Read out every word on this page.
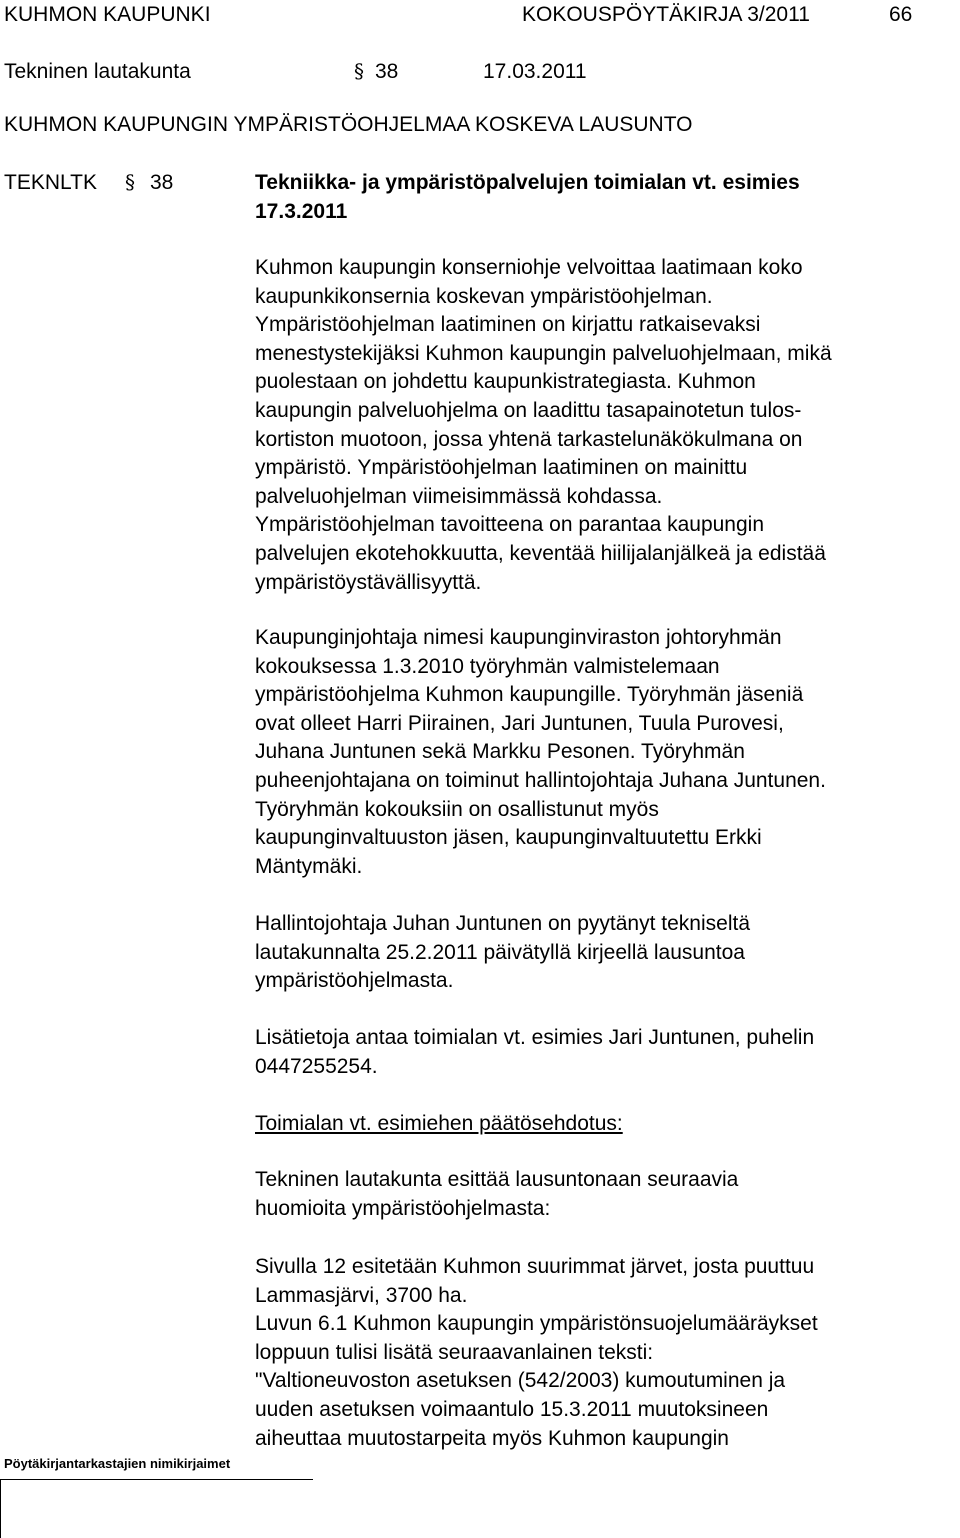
KUHMON KAUPUNKI	KOKOUSPÖYTÄKIRJA 3/2011	66
Tekninen lautakunta	§ 38	17.03.2011
KUHMON KAUPUNGIN YMPÄRISTÖOHJELMAA KOSKEVA LAUSUNTO
TEKNLTK § 38	Tekniikka- ja ympäristöpalvelujen toimialan vt. esimies
17.3.2011
Kuhmon kaupungin konserniohje velvoittaa laatimaan koko
kaupunkikonsernia koskevan ympäristöohjelman.
Ympäristöohjelman laatiminen on kirjattu ratkaisevaksi
menestystekijäksi Kuhmon kaupungin palveluohjelmaan, mikä
puolestaan on johdettu kaupunkistrategiasta. Kuhmon
kaupungin palveluohjelma on laadittu tasapainotetun tulos-
kortiston muotoon, jossa yhtenä tarkastelunäkökulmana on
ympäristö. Ympäristöohjelman laatiminen on mainittu
palveluohjelman viimeisimmässä kohdassa.
Ympäristöohjelman tavoitteena on parantaa kaupungin
palvelujen ekotehokkuutta, keventää hiilijalanjälkeä ja edistää
ympäristöystävällisyyttä.
Kaupunginjohtaja nimesi kaupunginviraston johtoryhmän
kokouksessa 1.3.2010 työryhmän valmistelemaan
ympäristöohjelma Kuhmon kaupungille. Työryhmän jäseniä
ovat olleet Harri Piirainen, Jari Juntunen, Tuula Purovesi,
Juhana Juntunen sekä Markku Pesonen. Työryhmän
puheenjohtajana on toiminut hallintojohtaja Juhana Juntunen.
Työryhmän kokouksiin on osallistunut myös
kaupunginvaltuuston jäsen, kaupunginvaltuutettu Erkki
Mäntymäki.
Hallintojohtaja Juhan Juntunen on pyytänyt tekniseltä
lautakunnalta 25.2.2011 päivätyllä kirjeellä lausuntoa
ympäristöohjelmasta.
Lisätietoja antaa toimialan vt. esimies Jari Juntunen, puhelin
0447255254.
Toimialan vt. esimiehen päätösehdotus:
Tekninen lautakunta esittää lausuntonaan seuraavia
huomioita ympäristöohjelmasta:
Sivulla 12 esitetään Kuhmon suurimmat järvet, josta puuttuu
Lammasjärvi, 3700 ha.
Luvun 6.1 Kuhmon kaupungin ympäristönsuojelumääräykset
loppuun tulisi lisätä seuraavanlainen teksti:
"Valtioneuvoston asetuksen (542/2003) kumoutuminen ja
uuden asetuksen voimaantulo 15.3.2011 muutoksineen
aiheuttaa muutostarpeita myös Kuhmon kaupungin
Pöytäkirjantarkastajien nimikirjaimet
